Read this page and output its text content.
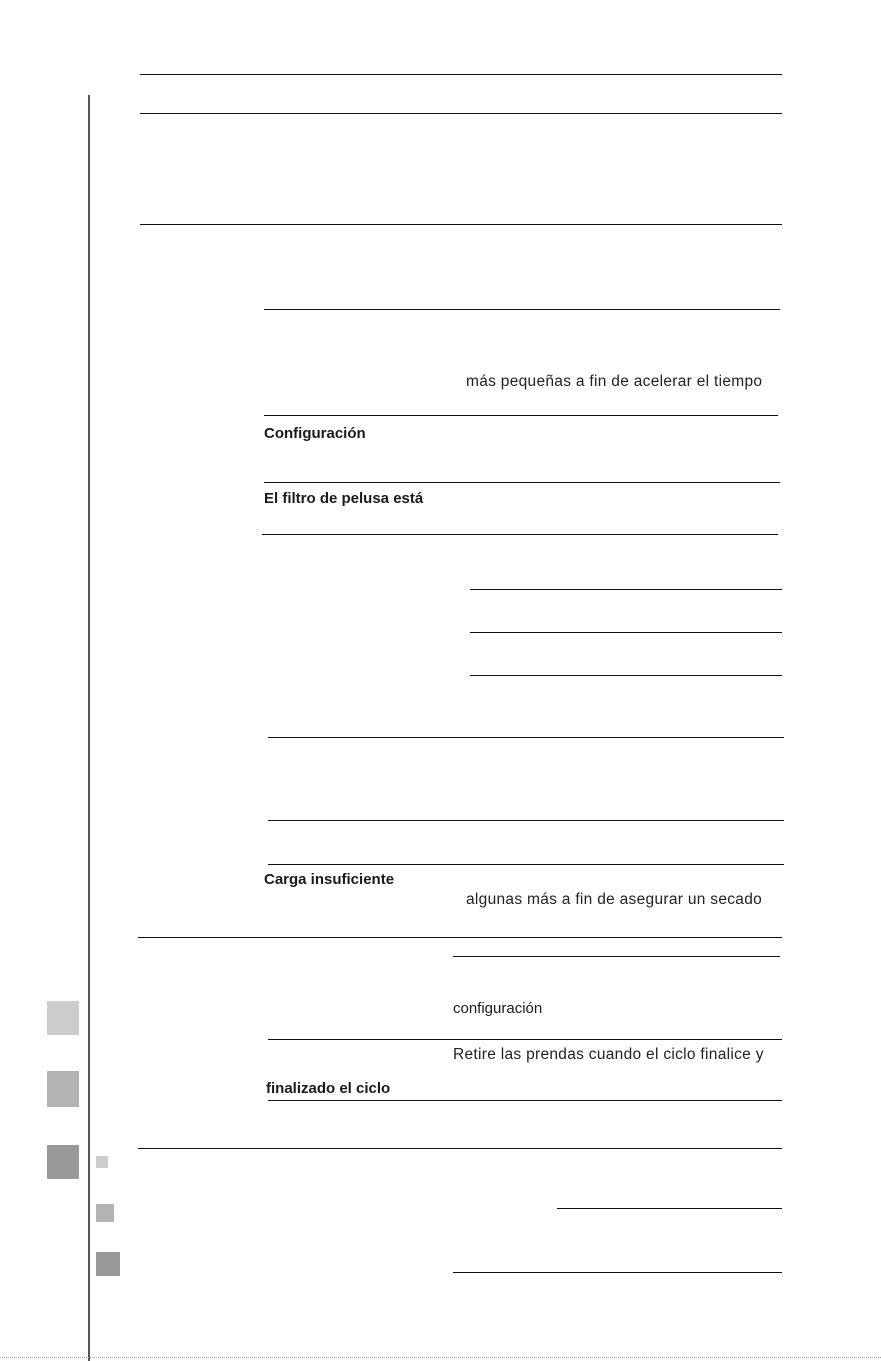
más pequeñas a fin de acelerar el tiempo
Configuración
El filtro de pelusa está
Carga insuficiente
algunas más a fin de asegurar un secado
configuración
Retire las prendas cuando el ciclo finalice y
finalizado el ciclo
